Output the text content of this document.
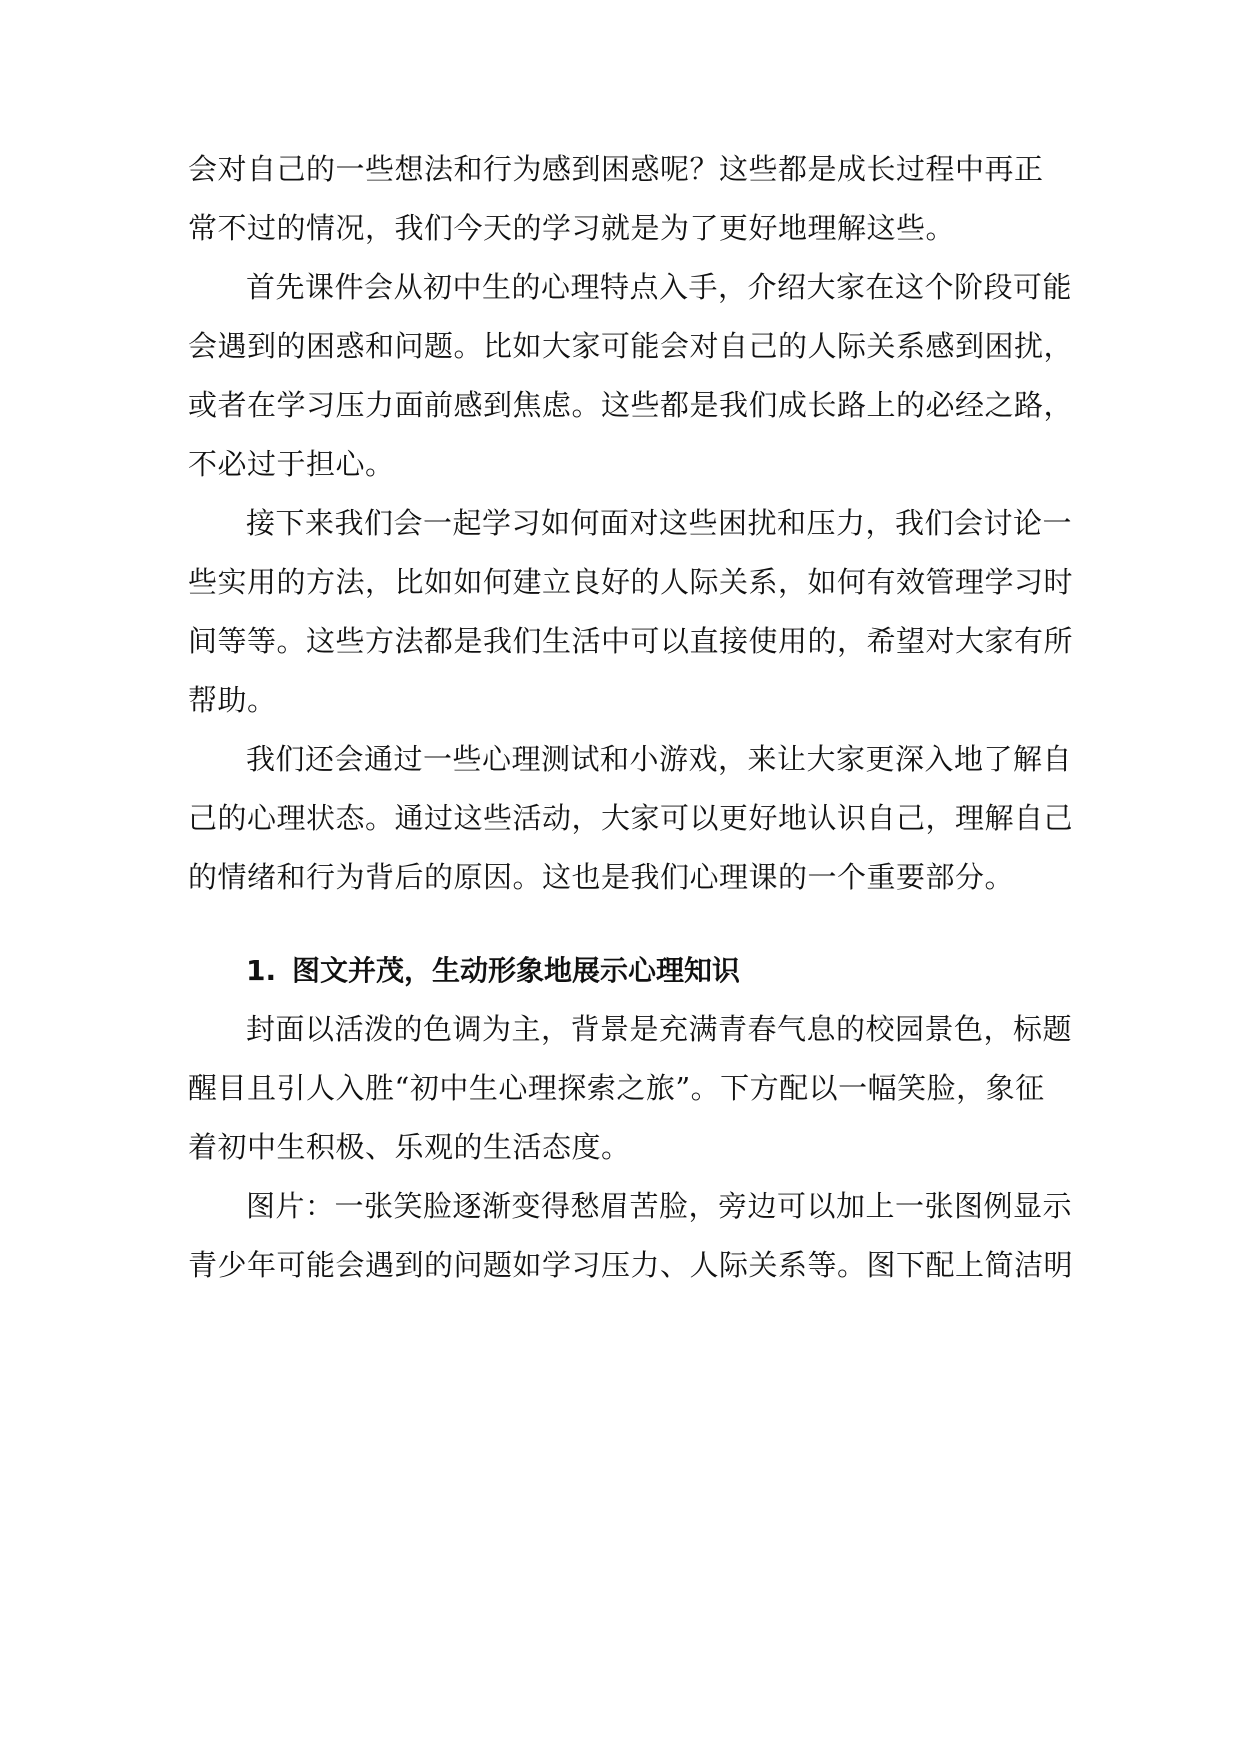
会对自己的一些想法和行为感到困惑呢？这些都是成长过程中再正
常不过的情况，我们今天的学习就是为了更好地理解这些。

首先课件会从初中生的心理特点入手，介绍大家在这个阶段可能
会遇到的困惑和问题。比如大家可能会对自己的人际关系感到困扰，
或者在学习压力面前感到焦虑。这些都是我们成长路上的必经之路，
不必过于担心。

接下来我们会一起学习如何面对这些困扰和压力，我们会讨论一
些实用的方法，比如如何建立良好的人际关系，如何有效管理学习时
间等等。这些方法都是我们生活中可以直接使用的，希望对大家有所
帮助。

我们还会通过一些心理测试和小游戏，来让大家更深入地了解自
己的心理状态。通过这些活动，大家可以更好地认识自己，理解自己
的情绪和行为背后的原因。这也是我们心理课的一个重要部分。

1. 图文并茂，生动形象地展示心理知识

封面以活泼的色调为主，背景是充满青春气息的校园景色，标题
醒目且引人入胜“初中生心理探索之旅”。下方配以一幅笑脸，象征
着初中生积极、乐观的生活态度。

图片：一张笑脸逐渐变得愁眉苦脸，旁边可以加上一张图例显示
青少年可能会遇到的问题如学习压力、人际关系等。图下配上简洁明
